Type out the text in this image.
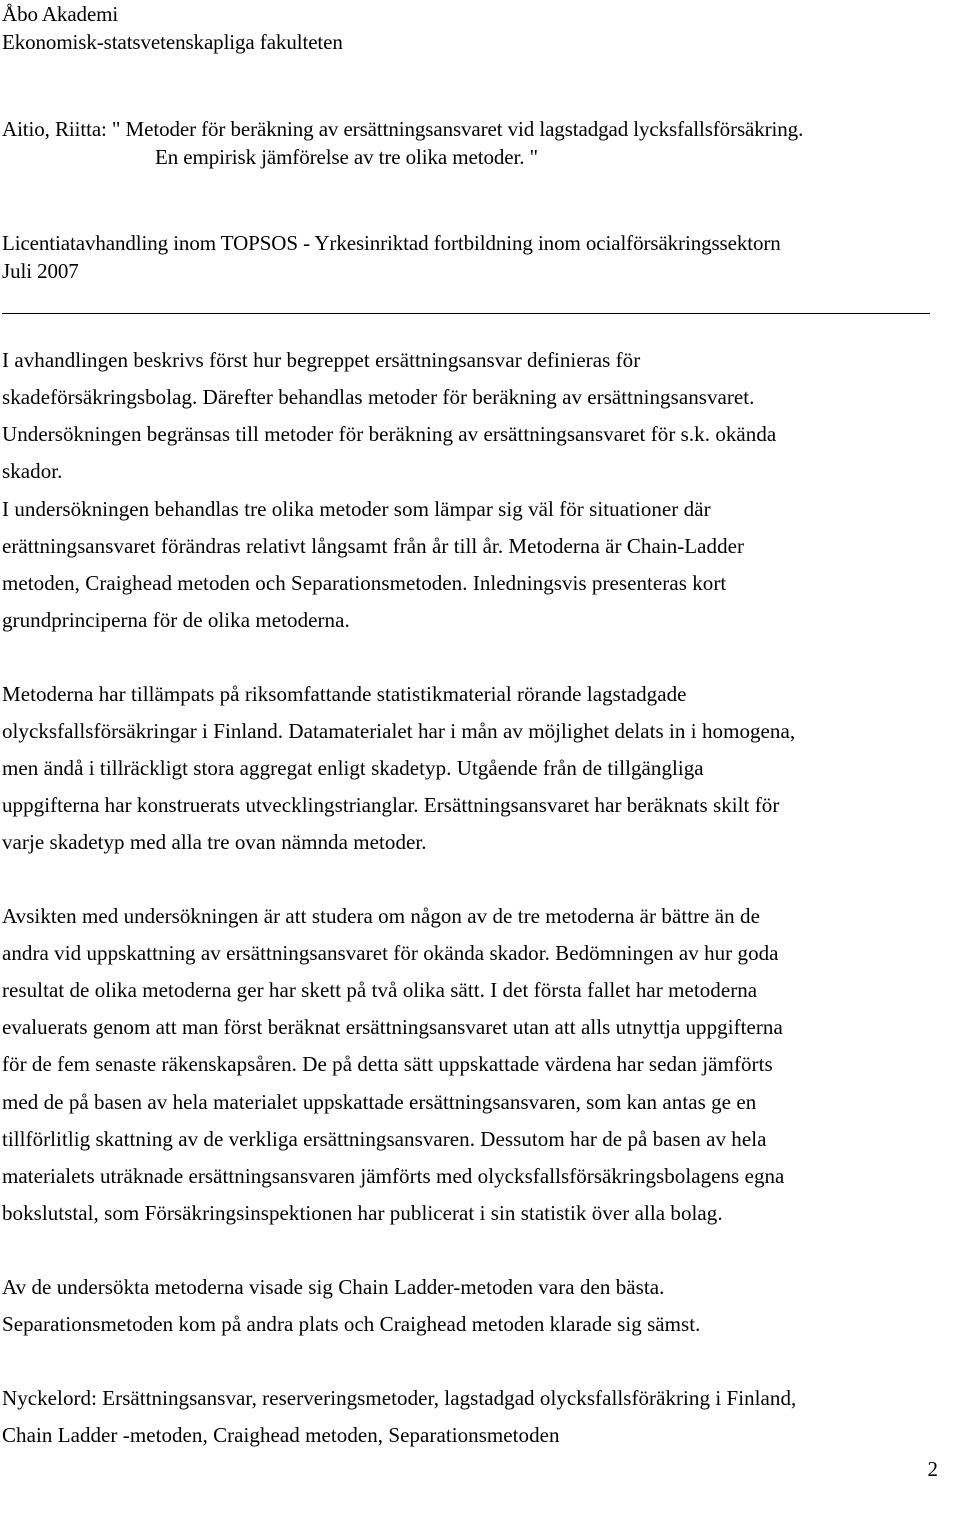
Åbo Akademi
Ekonomisk-statsvetenskapliga fakulteten
Aitio, Riitta: " Metoder för beräkning av ersättningsansvaret vid lagstadgad lycksfallsförsäkring.
En empirisk jämförelse av tre olika metoder. "
Licentiatavhandling inom TOPSOS - Yrkesinriktad fortbildning inom ocialförsäkringssektorn
Juli 2007
I avhandlingen beskrivs först hur begreppet ersättningsansvar definieras för
skadeförsäkringsbolag. Därefter behandlas metoder för beräkning av ersättningsansvaret.
Undersökningen begränsas till metoder för beräkning av ersättningsansvaret för s.k. okända
skador.
I undersökningen behandlas tre olika metoder som lämpar sig väl för situationer där
erättningsansvaret förändras relativt långsamt från år till år. Metoderna är Chain-Ladder
metoden, Craighead metoden och Separationsmetoden. Inledningsvis presenteras kort
grundprinciperna för de olika metoderna.
Metoderna har tillämpats på riksomfattande statistikmaterial rörande lagstadgade
olycksfallsförsäkringar i Finland. Datamaterialet har i mån av möjlighet delats in i homogena,
men ändå i tillräckligt stora aggregat enligt skadetyp. Utgående från de tillgängliga
uppgifterna har konstruerats utvecklingstrianglar. Ersättningsansvaret har beräknats skilt för
varje skadetyp med alla tre ovan nämnda metoder.
Avsikten med undersökningen är att studera om någon av de tre metoderna är bättre än de
andra vid uppskattning av ersättningsansvaret för okända skador. Bedömningen av hur goda
resultat de olika metoderna ger har skett på två olika sätt. I det första fallet har metoderna
evaluerats genom att man först beräknat ersättningsansvaret utan att alls utnyttja uppgifterna
för de fem senaste räkenskapsåren. De på detta sätt uppskattade värdena har sedan jämförts
med de på basen av hela materialet uppskattade ersättningsansvaren, som kan antas ge en
tillförlitlig skattning av de verkliga ersättningsansvaren. Dessutom har de på basen av hela
materialets uträknade ersättningsansvaren jämförts med olycksfallsförsäkringsbolagens egna
bokslutstal, som Försäkringsinspektionen har publicerat i sin statistik över alla bolag.
Av de undersökta metoderna visade sig Chain Ladder-metoden vara den bästa.
Separationsmetoden kom på andra plats och Craighead metoden klarade sig sämst.
Nyckelord: Ersättningsansvar, reserveringsmetoder, lagstadgad olycksfallsföräkring i Finland,
Chain Ladder -metoden, Craighead metoden, Separationsmetoden
2
